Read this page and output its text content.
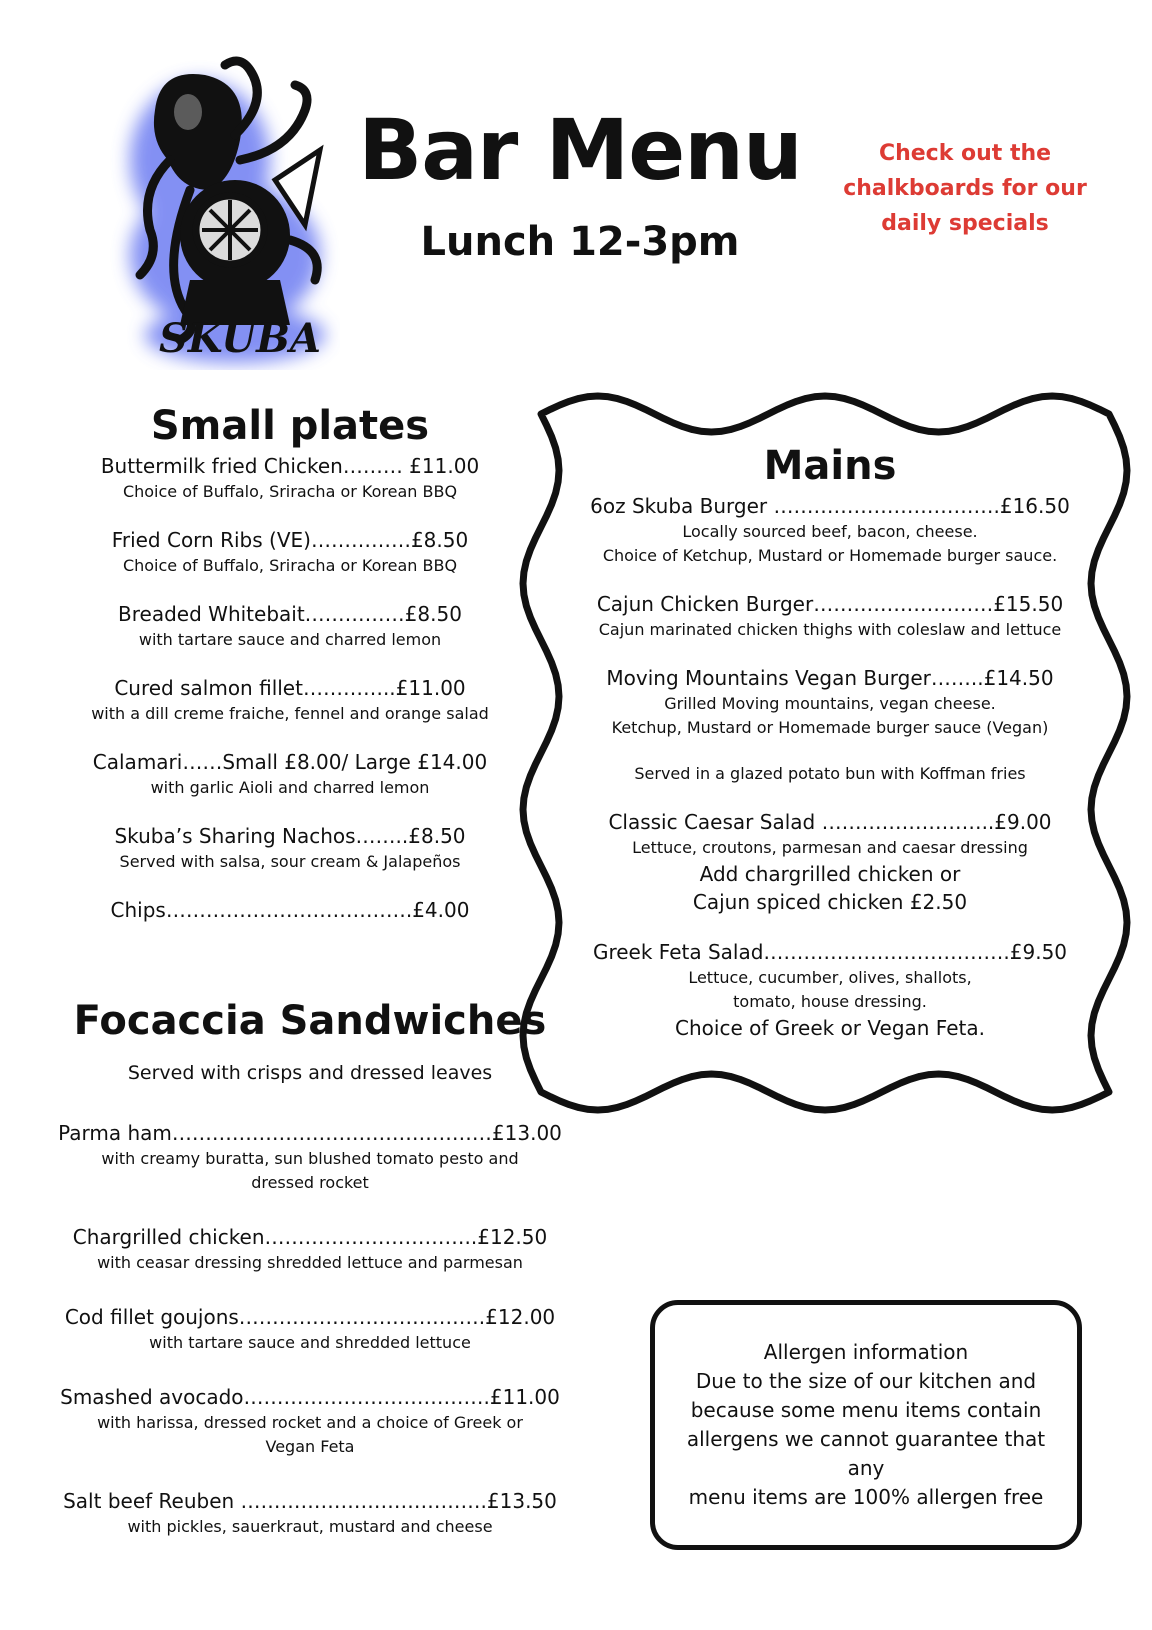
SKUBA
Bar Menu
Lunch 12-3pm
Check out the
chalkboards for our
daily specials
Small plates
Buttermilk fried Chicken……… £11.00
Choice of Buffalo, Sriracha or Korean BBQ
Fried Corn Ribs (VE)……………£8.50
Choice of Buffalo, Sriracha or Korean BBQ
Breaded Whitebait……………£8.50
with tartare sauce and charred lemon
Cured salmon fillet…………..£11.00
with a dill creme fraiche, fennel and orange salad
Calamari……Small £8.00/ Large £14.00
with garlic Aioli and charred lemon
Skuba’s Sharing Nachos……..£8.50
Served with salsa, sour cream & Jalapeños
Chips……………………………….£4.00
Focaccia Sandwiches
Served with crisps and dressed leaves
Parma ham…………………………………………£13.00
with creamy buratta, sun blushed tomato pesto and
dressed rocket
Chargrilled chicken…………………………..£12.50
with ceasar dressing shredded lettuce and parmesan
Cod fillet goujons……………………………….£12.00
with tartare sauce and shredded lettuce
Smashed avocado……………………………….£11.00
with harissa, dressed rocket and a choice of Greek or
Vegan Feta
Salt beef Reuben ……………………………….£13.50
with pickles, sauerkraut, mustard and cheese
Mains
6oz Skuba Burger …………………………….£16.50
Locally sourced beef, bacon, cheese.
Choice of Ketchup, Mustard or Homemade burger sauce.
Cajun Chicken Burger………………………£15.50
Cajun marinated chicken thighs with coleslaw and lettuce
Moving Mountains Vegan Burger……..£14.50
Grilled Moving mountains, vegan cheese.
Ketchup, Mustard or Homemade burger sauce (Vegan)
Served in a glazed potato bun with Koffman fries
Classic Caesar Salad ……………………..£9.00
Lettuce, croutons, parmesan and caesar dressing
Add chargrilled chicken or
Cajun spiced chicken £2.50
Greek Feta Salad……………………………….£9.50
Lettuce, cucumber, olives, shallots,
tomato, house dressing.
Choice of Greek or Vegan Feta.
Allergen information
Due to the size of our kitchen and
because some menu items contain
allergens we cannot guarantee that any
menu items are 100% allergen free
